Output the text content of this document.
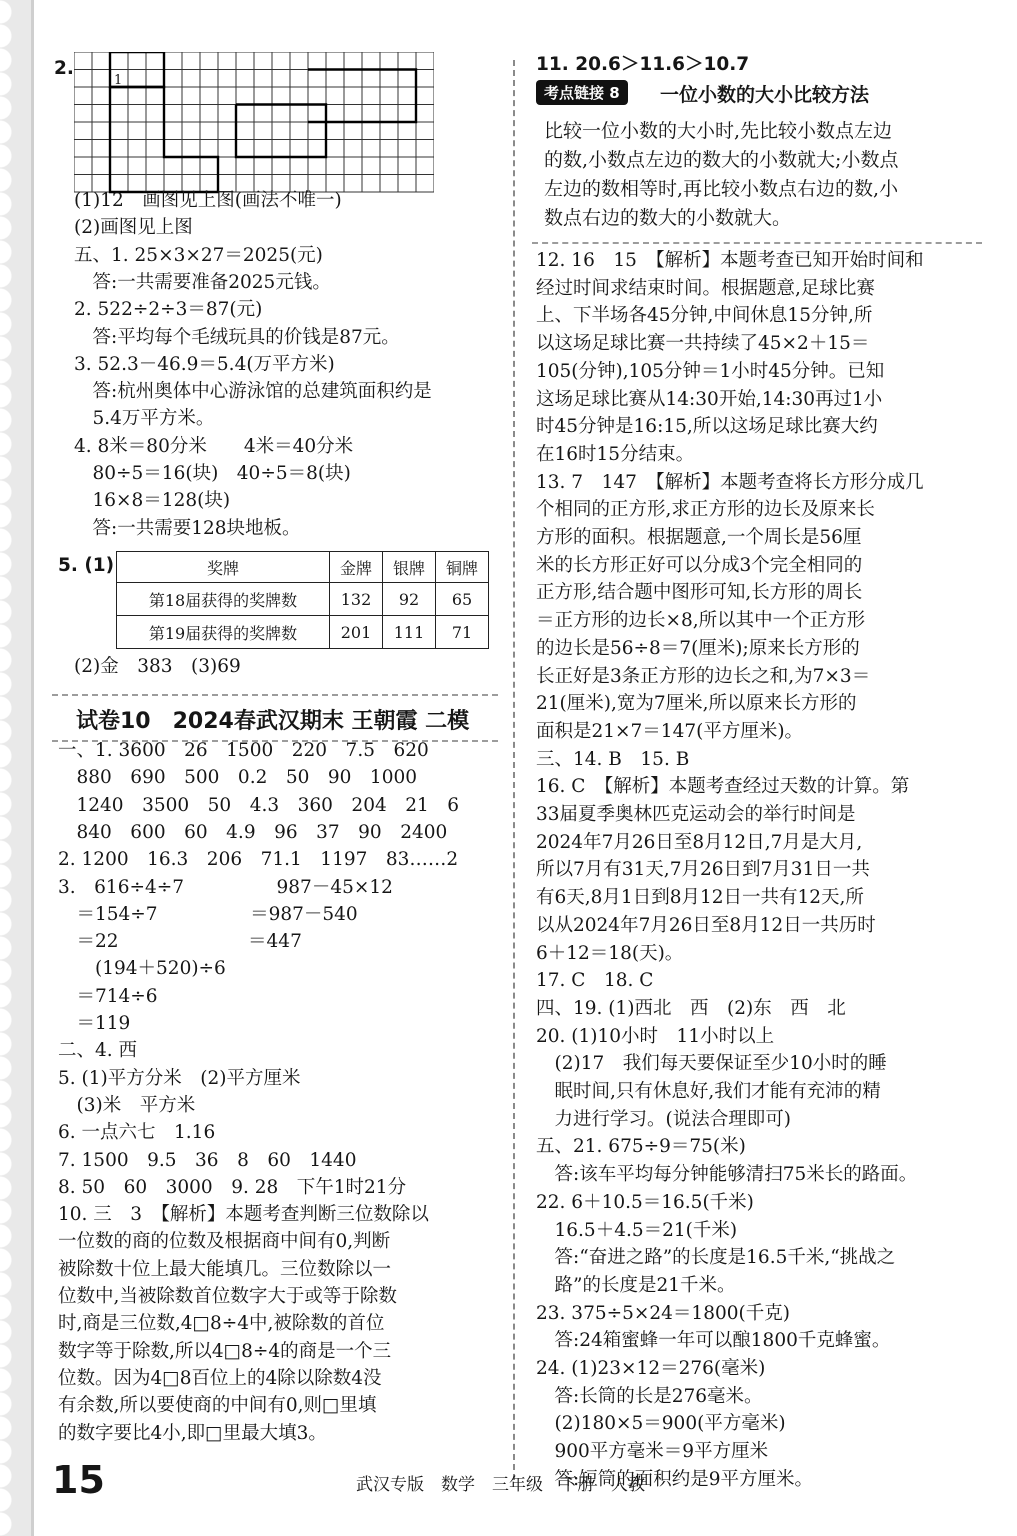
2.
1
(1)12　画图见上图(画法不唯一)
(2)画图见上图
五、1. 25×3×27＝2025(元)
　答:一共需要准备2025元钱。
2. 522÷2÷3＝87(元)
　答:平均每个毛绒玩具的价钱是87元。
3. 52.3－46.9＝5.4(万平方米)
　答:杭州奥体中心游泳馆的总建筑面积约是
　5.4万平方米。
4. 8米＝80分米　　4米＝40分米
　80÷5＝16(块)　40÷5＝8(块)
　16×8＝128(块)
　答:一共需要128块地板。
5. (1)	奖牌	金牌	银牌	铜牌
第18届获得的奖牌数	132	92	65
第19届获得的奖牌数	201	111	71
(2)金　383　(3)69
试卷10　2024春武汉期末 王朝霞 二模
一、1. 3600　26　1500　220　7.5　620
　880　690　500　0.2　50　90　1000
　1240　3500　50　4.3　360　204　21　6
　840　600　60　4.9　96　37　90　2400
2. 1200　16.3　206　71.1　1197　83……2
3.　616÷4÷7　　　　　987－45×12
　＝154÷7　　　　　＝987－540
　＝22　　　　　　　＝447
　　(194＋520)÷6
　＝714÷6
　＝119
二、4. 西
5. (1)平方分米　(2)平方厘米
　(3)米　平方米
6. 一点六七　1.16
7. 1500　9.5　36　8　60　1440
8. 50　60　3000　9. 28　下午1时21分
10. 三　3　【解析】本题考查判断三位数除以
一位数的商的位数及根据商中间有0,判断
被除数十位上最大能填几。三位数除以一
位数中,当被除数首位数字大于或等于除数
时,商是三位数,4□8÷4中,被除数的首位
数字等于除数,所以4□8÷4的商是一个三
位数。因为4□8百位上的4除以除数4没
有余数,所以要使商的中间有0,则□里填
的数字要比4小,即□里最大填3。
11. 20.6＞11.6＞10.7
考点链接 8	一位小数的大小比较方法
比较一位小数的大小时,先比较小数点左边
的数,小数点左边的数大的小数就大;小数点
左边的数相等时,再比较小数点右边的数,小
数点右边的数大的小数就大。
12. 16　15　【解析】本题考查已知开始时间和
经过时间求结束时间。根据题意,足球比赛
上、下半场各45分钟,中间休息15分钟,所
以这场足球比赛一共持续了45×2＋15＝
105(分钟),105分钟＝1小时45分钟。已知
这场足球比赛从14:30开始,14:30再过1小
时45分钟是16:15,所以这场足球比赛大约
在16时15分结束。
13. 7　147　【解析】本题考查将长方形分成几
个相同的正方形,求正方形的边长及原来长
方形的面积。根据题意,一个周长是56厘
米的长方形正好可以分成3个完全相同的
正方形,结合题中图形可知,长方形的周长
＝正方形的边长×8,所以其中一个正方形
的边长是56÷8＝7(厘米);原来长方形的
长正好是3条正方形的边长之和,为7×3＝
21(厘米),宽为7厘米,所以原来长方形的
面积是21×7＝147(平方厘米)。
三、14. B　15. B
16. C　【解析】本题考查经过天数的计算。第
33届夏季奥林匹克运动会的举行时间是
2024年7月26日至8月12日,7月是大月,
所以7月有31天,7月26日到7月31日一共
有6天,8月1日到8月12日一共有12天,所
以从2024年7月26日至8月12日一共历时
6＋12＝18(天)。
17. C　18. C
四、19. (1)西北　西　(2)东　西　北
20. (1)10小时　11小时以上
　(2)17　我们每天要保证至少10小时的睡
　眠时间,只有休息好,我们才能有充沛的精
　力进行学习。(说法合理即可)
五、21. 675÷9＝75(米)
　答:该车平均每分钟能够清扫75米长的路面。
22. 6＋10.5＝16.5(千米)
　16.5＋4.5＝21(千米)
　答:“奋进之路”的长度是16.5千米,“挑战之
　路”的长度是21千米。
23. 375÷5×24＝1800(千克)
　答:24箱蜜蜂一年可以酿1800千克蜂蜜。
24. (1)23×12＝276(毫米)
　答:长筒的长是276毫米。
　(2)180×5＝900(平方毫米)
　900平方毫米＝9平方厘米
　答:短筒的面积约是9平方厘米。
15	武汉专版　数学　三年级　下册　人教
